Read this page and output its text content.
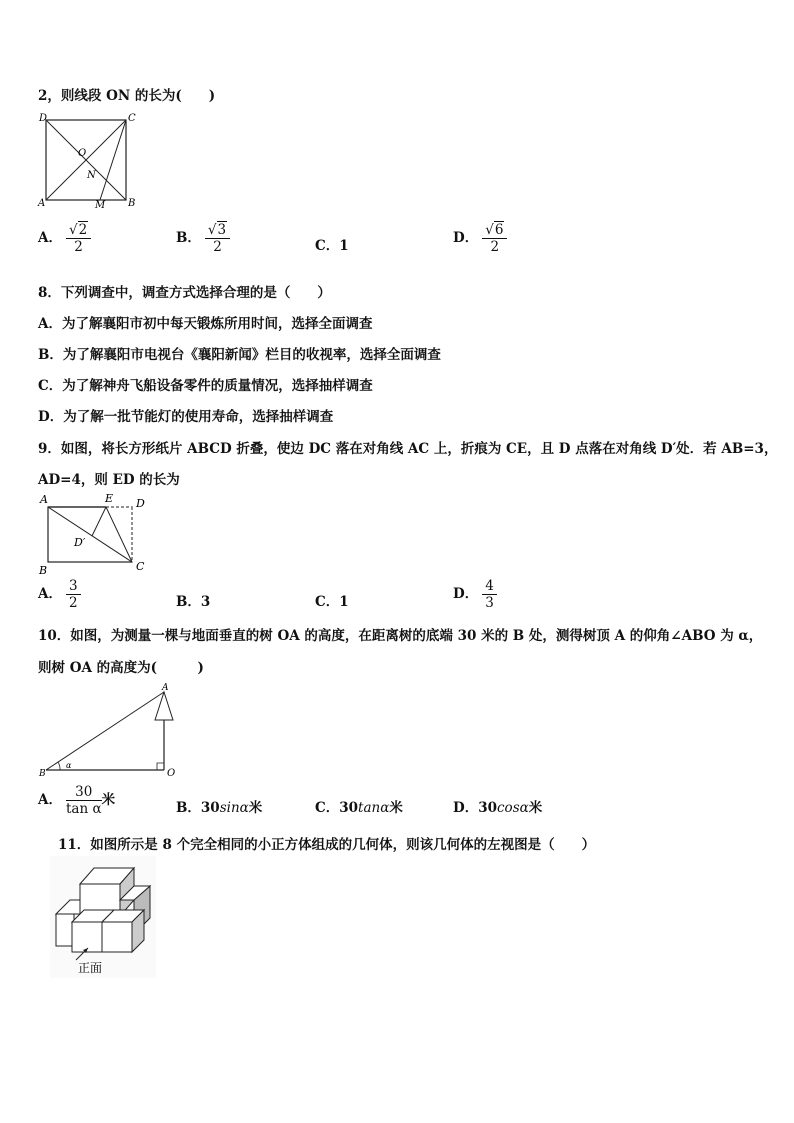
2，则线段 ON 的长为(　　)
D	C
A	B
O
N
M
A． $\frac{√2}{2}$	B． $\frac{√3}{2}$	C．1	D． $\frac{√6}{2}$
8．下列调查中，调查方式选择合理的是（　　）
A．为了解襄阳市初中每天锻炼所用时间，选择全面调查
B．为了解襄阳市电视台《襄阳新闻》栏目的收视率，选择全面调查
C．为了解神舟飞船设备零件的质量情况，选择抽样调查
D．为了解一批节能灯的使用寿命，选择抽样调查
9．如图，将长方形纸片 ABCD 折叠，使边 DC 落在对角线 AC 上，折痕为 CE，且 D 点落在对角线 D′处．若 AB=3，
AD=4，则 ED 的长为
A	E D
D′
B	C
A． $\frac{3}{2}$	B．3	C．1	D． $\frac{4}{3}$
10．如图，为测量一棵与地面垂直的树 OA 的高度，在距离树的底端 30 米的 B 处，测得树顶 A 的仰角∠ABO 为 α，
则树 OA 的高度为(　　　)
α
A
B	O
A． $\frac{30}{\text{tan α}}$ 米	B．30sinα米	C．30tanα米	D．30cosα米
11．如图所示是 8 个完全相同的小正方体组成的几何体，则该几何体的左视图是（　　）
正面
